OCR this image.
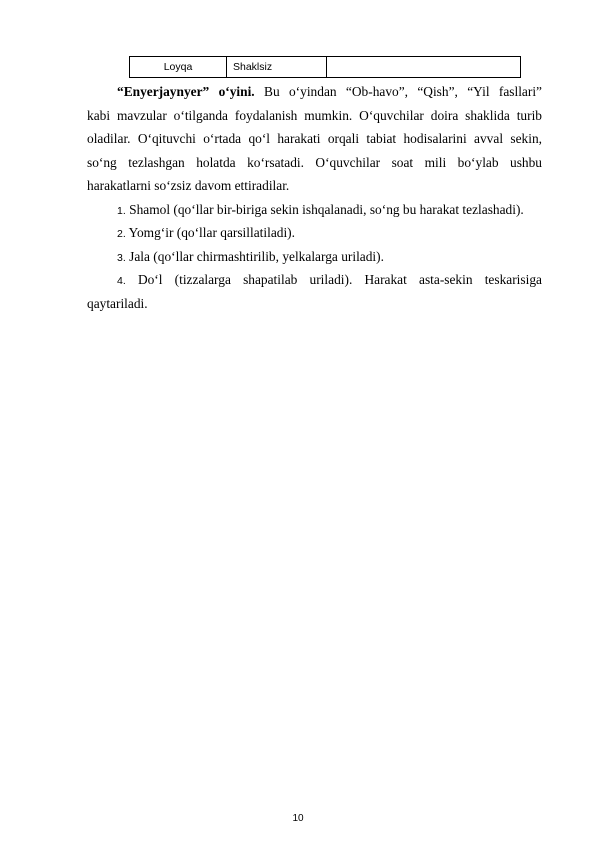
Loyqa	Shaklsiz	
“Enyerjaynyer” o‘yini. Bu o‘yindan “Ob-havo”, “Qish”, “Yil fasllari”
kabi mavzular o‘tilganda foydalanish mumkin. O‘quvchilar doira shaklida turib
oladilar. O‘qituvchi o‘rtada qo‘l harakati orqali tabiat hodisalarini avval sekin,
so‘ng tezlashgan holatda ko‘rsatadi. O‘quvchilar soat mili bo‘ylab ushbu
harakatlarni so‘zsiz davom ettiradilar.
1. Shamol (qo‘llar bir-biriga sekin ishqalanadi, so‘ng bu harakat tezlashadi).
2. Yomg‘ir (qo‘llar qarsillatiladi).
3. Jala (qo‘llar chirmashtirilib, yelkalarga uriladi).
4. Do‘l (tizzalarga shapatilab uriladi). Harakat asta-sekin teskarisiga
qaytariladi.
10
